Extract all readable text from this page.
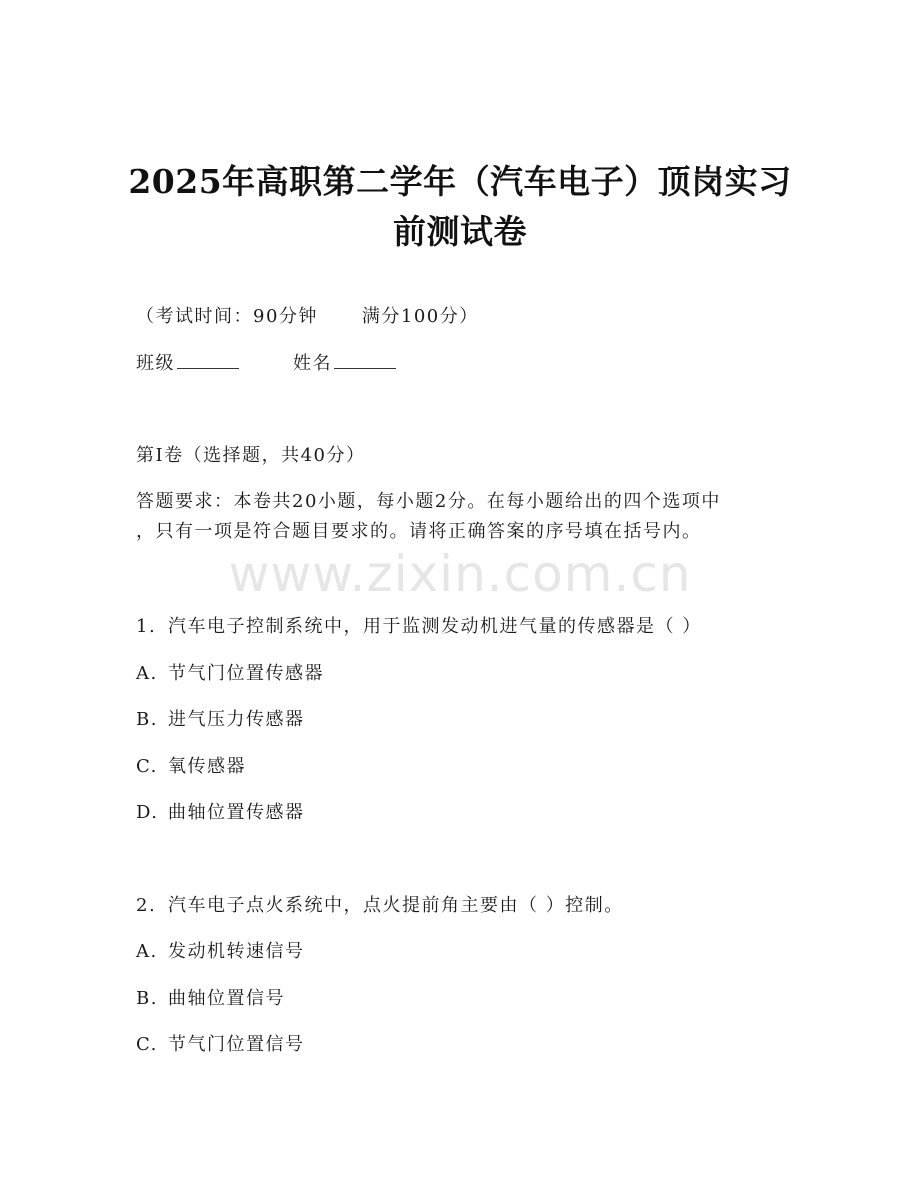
2025年高职第二学年（汽车电子）顶岗实习
前测试卷
（考试时间：90分钟 满分100分）
班级	姓名
第I卷（选择题，共40分）
答题要求：本卷共20小题，每小题2分。在每小题给出的四个选项中
，只有一项是符合题目要求的。请将正确答案的序号填在括号内。
www.zixin.com.cn
1. 汽车电子控制系统中，用于监测发动机进气量的传感器是（ ）
A. 节气门位置传感器
B. 进气压力传感器
C. 氧传感器
D. 曲轴位置传感器
2. 汽车电子点火系统中，点火提前角主要由（ ）控制。
A. 发动机转速信号
B. 曲轴位置信号
C. 节气门位置信号
